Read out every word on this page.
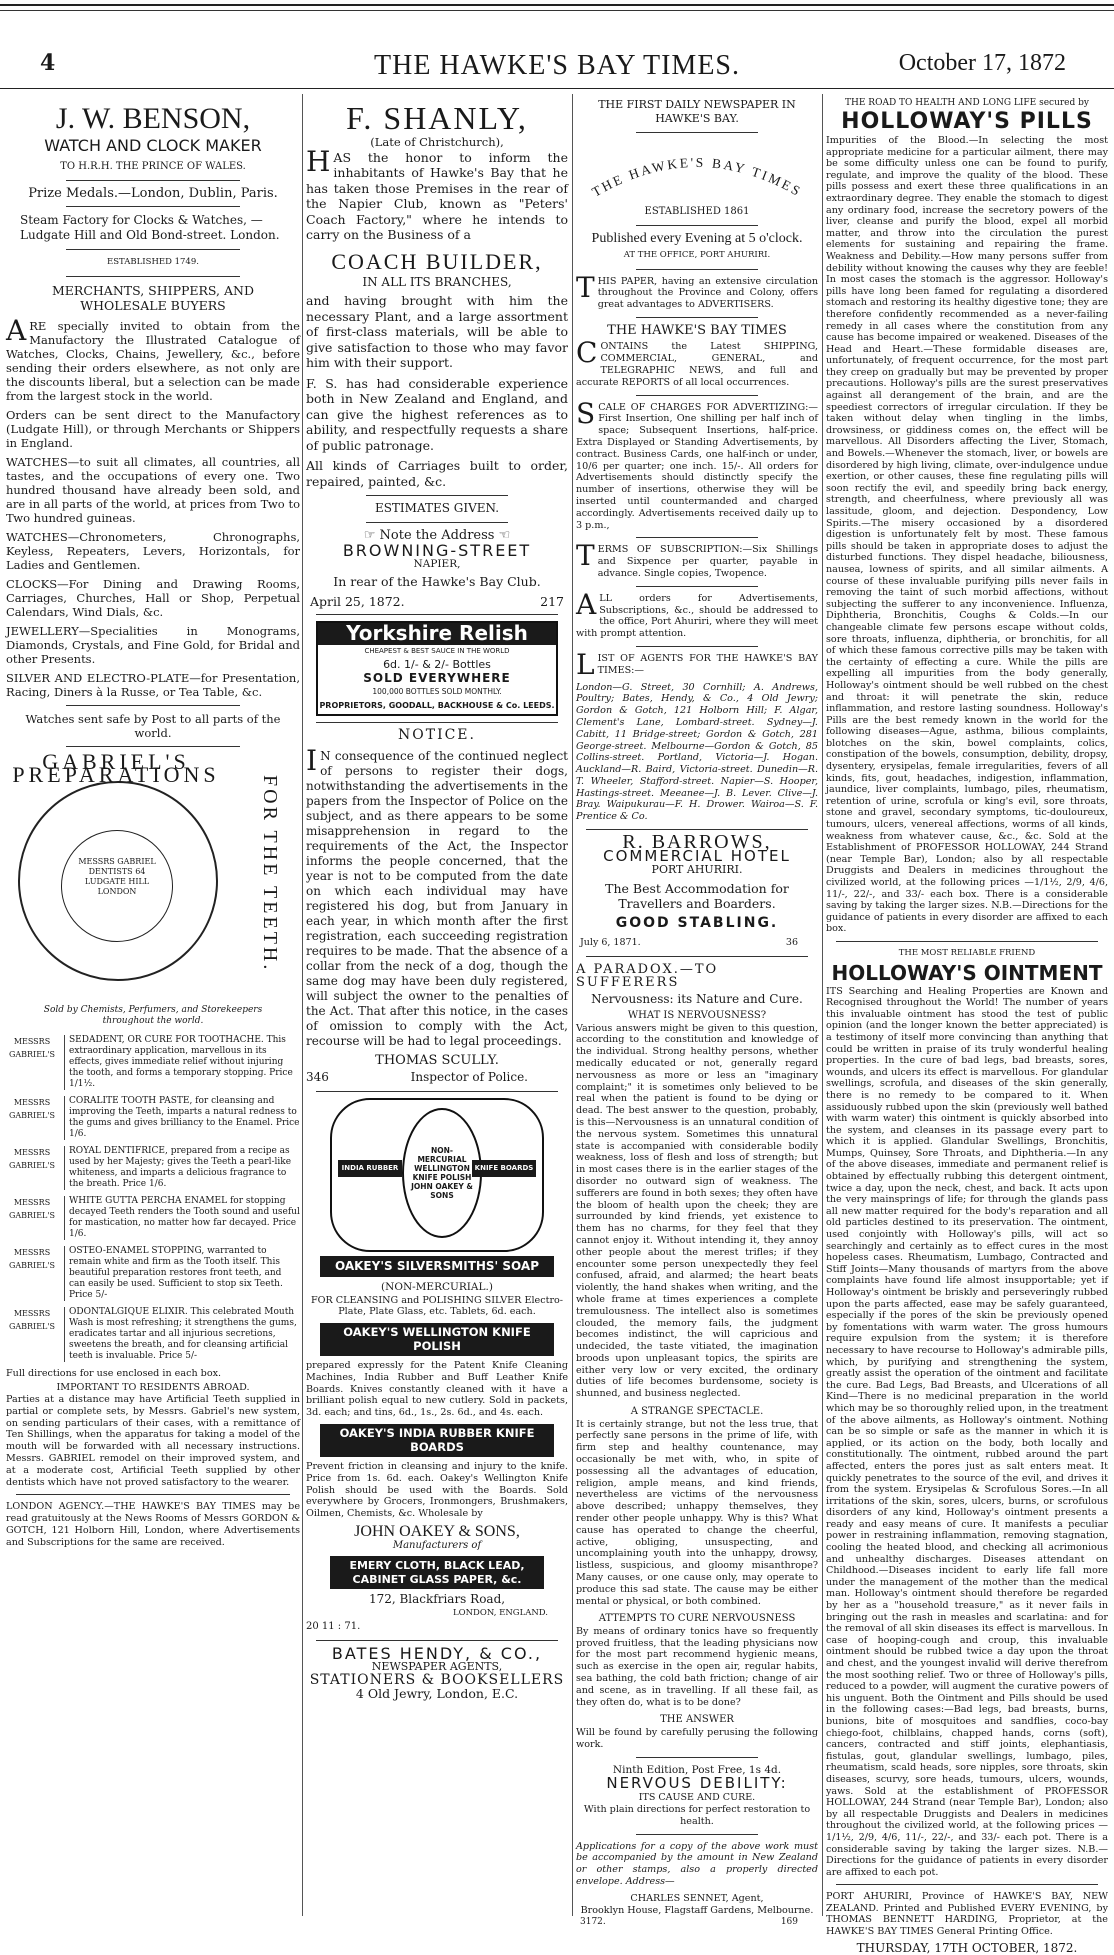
4	THE HAWKE'S BAY TIMES.	October 17, 1872
J. W. BENSON,
WATCH AND CLOCK MAKER
TO H.R.H. THE PRINCE OF WALES.
Prize Medals.—London, Dublin, Paris.
Steam Factory for Clocks & Watches, —Ludgate Hill and Old Bond-street. London.
ESTABLISHED 1749.
MERCHANTS, SHIPPERS, AND WHOLESALE BUYERS

ARE specially invited to obtain from the Manufactory the Illustrated Catalogue of Watches, Clocks, Chains, Jewellery, &c., before sending their orders elsewhere, as not only are the discounts liberal, but a selection can be made from the largest stock in the world.

Orders can be sent direct to the Manufactory (Ludgate Hill), or through Merchants or Shippers in England.

WATCHES—to suit all climates, all countries, all tastes, and the occupations of every one. Two hundred thousand have already been sold, and are in all parts of the world, at prices from Two to Two hundred guineas.

WATCHES—Chronometers, Chronographs, Keyless, Repeaters, Levers, Horizontals, for Ladies and Gentlemen.

CLOCKS—For Dining and Drawing Rooms, Carriages, Churches, Hall or Shop, Perpetual Calendars, Wind Dials, &c.

JEWELLERY—Specialities in Monograms, Diamonds, Crystals, and Fine Gold, for Bridal and other Presents.

SILVER AND ELECTRO-PLATE—for Presentation, Racing, Diners à la Russe, or Tea Table, &c.

Watches sent safe by Post to all parts of the world.
MESSRS GABRIEL DENTISTS 64 LUDGATE HILL LONDON
GABRIEL'S PREPARATIONS	FOR THE TEETH.
Sold by Chemists, Perfumers, and Storekeepers throughout the world.
MESSRS GABRIEL'S
SEDADENT, OR CURE FOR TOOTHACHE. This extraordinary application, marvellous in its effects, gives immediate relief without injuring the tooth, and forms a temporary stopping. Price 1/1½.
MESSRS GABRIEL'S
CORALITE TOOTH PASTE, for cleansing and improving the Teeth, imparts a natural redness to the gums and gives brilliancy to the Enamel. Price 1/6.
MESSRS GABRIEL'S
ROYAL DENTIFRICE, prepared from a recipe as used by her Majesty; gives the Teeth a pearl-like whiteness, and imparts a delicious fragrance to the breath. Price 1/6.
MESSRS GABRIEL'S
WHITE GUTTA PERCHA ENAMEL for stopping decayed Teeth renders the Tooth sound and useful for mastication, no matter how far decayed. Price 1/6.
MESSRS GABRIEL'S
OSTEO-ENAMEL STOPPING, warranted to remain white and firm as the Tooth itself. This beautiful preparation restores front teeth, and can easily be used. Sufficient to stop six Teeth. Price 5/-
MESSRS GABRIEL'S
ODONTALGIQUE ELIXIR. This celebrated Mouth Wash is most refreshing; it strengthens the gums, eradicates tartar and all injurious secretions, sweetens the breath, and for cleansing artificial teeth is invaluable. Price 5/-
Full directions for use enclosed in each box.
IMPORTANT TO RESIDENTS ABROAD.

Parties at a distance may have Artificial Teeth supplied in partial or complete sets, by Messrs. Gabriel's new system, on sending particulars of their cases, with a remittance of Ten Shillings, when the apparatus for taking a model of the mouth will be forwarded with all necessary instructions. Messrs. GABRIEL remodel on their improved system, and at a moderate cost, Artificial Teeth supplied by other dentists which have not proved satisfactory to the wearer.

LONDON AGENCY.—THE HAWKE'S BAY TIMES may be read gratuitously at the News Rooms of Messrs GORDON & GOTCH, 121 Holborn Hill, London, where Advertisements and Subscriptions for the same are received.

F. SHANLY,
(Late of Christchurch),

HAS the honor to inform the inhabitants of Hawke's Bay that he has taken those Premises in the rear of the Napier Club, known as "Peters' Coach Factory," where he intends to carry on the Business of a

COACH BUILDER,
IN ALL ITS BRANCHES,

and having brought with him the necessary Plant, and a large assortment of first-class materials, will be able to give satisfaction to those who may favor him with their support.

F. S. has had considerable experience both in New Zealand and England, and can give the highest references as to ability, and respectfully requests a share of public patronage.

All kinds of Carriages built to order, repaired, painted, &c.

ESTIMATES GIVEN.
☞ Note the Address ☜
BROWNING-STREET
NAPIER,
In rear of the Hawke's Bay Club.
April 25, 1872.	217
Yorkshire Relish
CHEAPEST & BEST SAUCE IN THE WORLD
6d. 1/- & 2/- Bottles
SOLD EVERYWHERE
100,000 BOTTLES SOLD MONTHLY.
PROPRIETORS, GOODALL, BACKHOUSE & Co. LEEDS.
NOTICE.

IN consequence of the continued neglect of persons to register their dogs, notwithstanding the advertisements in the papers from the Inspector of Police on the subject, and as there appears to be some misapprehension in regard to the requirements of the Act, the Inspector informs the people concerned, that the year is not to be computed from the date on which each individual may have registered his dog, but from January in each year, in which month after the first registration, each succeeding registration requires to be made. That the absence of a collar from the neck of a dog, though the same dog may have been duly registered, will subject the owner to the penalties of the Act. That after this notice, in the cases of omission to comply with the Act, recourse will be had to legal proceedings.

THOMAS SCULLY.
346	Inspector of Police.
NON-MERCURIAL WELLINGTON KNIFE POLISH JOHN OAKEY & SONS
INDIA RUBBER	KNIFE BOARDS
OAKEY'S SILVERSMITHS' SOAP
(NON-MERCURIAL.)

FOR CLEANSING and POLISHING SILVER Electro-Plate, Plate Glass, etc. Tablets, 6d. each.

OAKEY'S WELLINGTON KNIFE POLISH

prepared expressly for the Patent Knife Cleaning Machines, India Rubber and Buff Leather Knife Boards. Knives constantly cleaned with it have a brilliant polish equal to new cutlery. Sold in packets, 3d. each; and tins, 6d., 1s., 2s. 6d., and 4s. each.

OAKEY'S INDIA RUBBER KNIFE BOARDS

Prevent friction in cleansing and injury to the knife. Price from 1s. 6d. each. Oakey's Wellington Knife Polish should be used with the Boards. Sold everywhere by Grocers, Ironmongers, Brushmakers, Oilmen, Chemists, &c. Wholesale by

JOHN OAKEY & SONS,
Manufacturers of
EMERY CLOTH, BLACK LEAD, CABINET GLASS PAPER, &c.
172, Blackfriars Road,
LONDON, ENGLAND.
20 11 : 71.
BATES HENDY, & CO.,
NEWSPAPER AGENTS,
STATIONERS & BOOKSELLERS
4 Old Jewry, London, E.C.
THE FIRST DAILY NEWSPAPER IN HAWKE'S BAY.
THE HAWKE'S BAY TIMES
ESTABLISHED 1861
Published every Evening at 5 o'clock.
AT THE OFFICE, PORT AHURIRI.

THIS PAPER, having an extensive circulation throughout the Province and Colony, offers great advantages to ADVERTISERS.

THE HAWKE'S BAY TIMES

CONTAINS the Latest SHIPPING, COMMERCIAL, GENERAL, and TELEGRAPHIC NEWS, and full and accurate REPORTS of all local occurrences.

SCALE OF CHARGES FOR ADVERTIZING:— First Insertion, One shilling per half inch of space; Subsequent Insertions, half-price. Extra Displayed or Standing Advertisements, by contract. Business Cards, one half-inch or under, 10/6 per quarter; one inch. 15/-. All orders for Advertisements should distinctly specify the number of insertions, otherwise they will be inserted until countermanded and charged accordingly. Advertisements received daily up to 3 p.m.,

TERMS OF SUBSCRIPTION:—Six Shillings and Sixpence per quarter, payable in advance. Single copies, Twopence.

ALL orders for Advertisements, Subscriptions, &c., should be addressed to the office, Port Ahuriri, where they will meet with prompt attention.

LIST OF AGENTS FOR THE HAWKE'S BAY TIMES:—

London—G. Street, 30 Cornhill; A. Andrews, Poultry; Bates, Hendy, & Co., 4 Old Jewry; Gordon & Gotch, 121 Holborn Hill; F. Algar, Clement's Lane, Lombard-street. Sydney—J. Cabitt, 11 Bridge-street; Gordon & Gotch, 281 George-street. Melbourne—Gordon & Gotch, 85 Collins-street. Portland, Victoria—J. Hogan. Auckland—R. Baird, Victoria-street. Dunedin—R. T. Wheeler, Stafford-street. Napier—S. Hooper, Hastings-street. Meeanee—J. B. Lever. Clive—J. Bray. Waipukurau—F. H. Drower. Wairoa—S. F. Prentice & Co.

R. BARROWS,
COMMERCIAL HOTEL
PORT AHURIRI.
The Best Accommodation for Travellers and Boarders.
GOOD STABLING.
July 6, 1871.	36
A PARADOX.—TO SUFFERERS
Nervousness: its Nature and Cure.
WHAT IS NERVOUSNESS?

Various answers might be given to this question, according to the constitution and knowledge of the individual. Strong healthy persons, whether medically educated or not, generally regard nervousness as more or less an "imaginary complaint;" it is sometimes only believed to be real when the patient is found to be dying or dead. The best answer to the question, probably, is this—Nervousness is an unnatural condition of the nervous system. Sometimes this unnatural state is accompanied with considerable bodily weakness, loss of flesh and loss of strength; but in most cases there is in the earlier stages of the disorder no outward sign of weakness. The sufferers are found in both sexes; they often have the bloom of health upon the cheek; they are surrounded by kind friends, yet existence to them has no charms, for they feel that they cannot enjoy it. Without intending it, they annoy other people about the merest trifles; if they encounter some person unexpectedly they feel confused, afraid, and alarmed; the heart beats violently, the hand shakes when writing, and the whole frame at times experiences a complete tremulousness. The intellect also is sometimes clouded, the memory fails, the judgment becomes indistinct, the will capricious and undecided, the taste vitiated, the imagination broods upon unpleasant topics, the spirits are either very low or very excited, the ordinary duties of life becomes burdensome, society is shunned, and business neglected.

A STRANGE SPECTACLE.

It is certainly strange, but not the less true, that perfectly sane persons in the prime of life, with firm step and healthy countenance, may occasionally be met with, who, in spite of possessing all the advantages of education, religion, ample means, and kind friends, nevertheless are victims of the nervousness above described; unhappy themselves, they render other people unhappy. Why is this? What cause has operated to change the cheerful, active, obliging, unsuspecting, and uncomplaining youth into the unhappy, drowsy, listless, suspicious, and gloomy misanthrope? Many causes, or one cause only, may operate to produce this sad state. The cause may be either mental or physical, or both combined.

ATTEMPTS TO CURE NERVOUSNESS

By means of ordinary tonics have so frequently proved fruitless, that the leading physicians now for the most part recommend hygienic means, such as exercise in the open air, regular habits, sea bathing, the cold bath friction; change of air and scene, as in travelling. If all these fail, as they often do, what is to be done?

THE ANSWER

Will be found by carefully perusing the following work.

Ninth Edition, Post Free, 1s 4d.
NERVOUS DEBILITY:
ITS CAUSE AND CURE.
With plain directions for perfect restoration to health.

Applications for a copy of the above work must be accompanied by the amount in New Zealand or other stamps, also a properly directed envelope. Address—

CHARLES SENNET, Agent,
Brooklyn House, Flagstaff Gardens, Melbourne.
3172.	169
THE ROAD TO HEALTH AND LONG LIFE secured by
HOLLOWAY'S PILLS

Impurities of the Blood.—In selecting the most appropriate medicine for a particular ailment, there may be some difficulty unless one can be found to purify, regulate, and improve the quality of the blood. These pills possess and exert these three qualifications in an extraordinary degree. They enable the stomach to digest any ordinary food, increase the secretory powers of the liver, cleanse and purify the blood, expel all morbid matter, and throw into the circulation the purest elements for sustaining and repairing the frame. Weakness and Debility.—How many persons suffer from debility without knowing the causes why they are feeble! In most cases the stomach is the aggressor. Holloway's pills have long been famed for regulating a disordered stomach and restoring its healthy digestive tone; they are therefore confidently recommended as a never-failing remedy in all cases where the constitution from any cause has become impaired or weakened. Diseases of the Head and Heart.—These formidable diseases are, unfortunately, of frequent occurrence, for the most part they creep on gradually but may be prevented by proper precautions. Holloway's pills are the surest preservatives against all derangement of the brain, and are the speediest correctors of irregular circulation. If they be taken without delay when tingling in the limbs, drowsiness, or giddiness comes on, the effect will be marvellous. All Disorders affecting the Liver, Stomach, and Bowels.—Whenever the stomach, liver, or bowels are disordered by high living, climate, over-indulgence undue exertion, or other causes, these fine regulating pills will soon rectify the evil, and speedily bring back energy, strength, and cheerfulness, where previously all was lassitude, gloom, and dejection. Despondency, Low Spirits.—The misery occasioned by a disordered digestion is unfortunately felt by most. These famous pills should be taken in appropriate doses to adjust the disturbed functions. They dispel headache, biliousness, nausea, lowness of spirits, and all similar ailments. A course of these invaluable purifying pills never fails in removing the taint of such morbid affections, without subjecting the sufferer to any inconvenience. Influenza, Diphtheria, Bronchitis, Coughs & Colds.—In our changeable climate few persons escape without colds, sore throats, influenza, diphtheria, or bronchitis, for all of which these famous corrective pills may be taken with the certainty of effecting a cure. While the pills are expelling all impurities from the body generally, Holloway's ointment should be well rubbed on the chest and throat: it will penetrate the skin, reduce inflammation, and restore lasting soundness. Holloway's Pills are the best remedy known in the world for the following diseases—Ague, asthma, bilious complaints, blotches on the skin, bowel complaints, colics, constipation of the bowels, consumption, debility, dropsy, dysentery, erysipelas, female irregularities, fevers of all kinds, fits, gout, headaches, indigestion, inflammation, jaundice, liver complaints, lumbago, piles, rheumatism, retention of urine, scrofula or king's evil, sore throats, stone and gravel, secondary symptoms, tic-douloureux, tumours, ulcers, venereal affections, worms of all kinds, weakness from whatever cause, &c., &c. Sold at the Establishment of PROFESSOR HOLLOWAY, 244 Strand (near Temple Bar), London; also by all respectable Druggists and Dealers in medicines throughout the civilized world, at the following prices —1/1½, 2/9, 4/6, 11/-, 22/-, and 33/- each box. There is a considerable saving by taking the larger sizes. N.B.—Directions for the guidance of patients in every disorder are affixed to each box.

THE MOST RELIABLE FRIEND
HOLLOWAY'S OINTMENT

ITS Searching and Healing Properties are Known and Recognised throughout the World! The number of years this invaluable ointment has stood the test of public opinion (and the longer known the better appreciated) is a testimony of itself more convincing than anything that could be written in praise of its truly wonderful healing properties. In the cure of bad legs, bad breasts, sores, wounds, and ulcers its effect is marvellous. For glandular swellings, scrofula, and diseases of the skin generally, there is no remedy to be compared to it. When assiduously rubbed upon the skin (previously well bathed with warm water) this ointment is quickly absorbed into the system, and cleanses in its passage every part to which it is applied. Glandular Swellings, Bronchitis, Mumps, Quinsey, Sore Throats, and Diphtheria.—In any of the above diseases, immediate and permanent relief is obtained by effectually rubbing this detergent ointment, twice a day, upon the neck, chest, and back. It acts upon the very mainsprings of life; for through the glands pass all new matter required for the body's reparation and all old particles destined to its preservation. The ointment, used conjointly with Holloway's pills, will act so searchingly and certainly as to effect cures in the most hopeless cases. Rheumatism, Lumbago, Contracted and Stiff Joints—Many thousands of martyrs from the above complaints have found life almost insupportable; yet if Holloway's ointment be briskly and perseveringly rubbed upon the parts affected, ease may be safely guaranteed, especially if the pores of the skin be previously opened by fomentations with warm water. The gross humours require expulsion from the system; it is therefore necessary to have recourse to Holloway's admirable pills, which, by purifying and strengthening the system, greatly assist the operation of the ointment and facilitate the cure. Bad Legs, Bad Breasts, and Ulcerations of all Kind—There is no medicinal preparation in the world which may be so thoroughly relied upon, in the treatment of the above ailments, as Holloway's ointment. Nothing can be so simple or safe as the manner in which it is applied, or its action on the body, both locally and constitutionally. The ointment, rubbed around the part affected, enters the pores just as salt enters meat. It quickly penetrates to the source of the evil, and drives it from the system. Erysipelas & Scrofulous Sores.—In all irritations of the skin, sores, ulcers, burns, or scrofulous disorders of any kind, Holloway's ointment presents a ready and easy means of cure. It manifests a peculiar power in restraining inflammation, removing stagnation, cooling the heated blood, and checking all acrimonious and unhealthy discharges. Diseases attendant on Childhood.—Diseases incident to early life fall more under the management of the mother than the medical man. Holloway's ointment should therefore be regarded by her as a "household treasure," as it never fails in bringing out the rash in measles and scarlatina: and for the removal of all skin diseases its effect is marvellous. In case of hooping-cough and croup, this invaluable ointment should be rubbed twice a day upon the throat and chest, and the youngest invalid will derive therefrom the most soothing relief. Two or three of Holloway's pills, reduced to a powder, will augment the curative powers of his unguent. Both the Ointment and Pills should be used in the following cases:—Bad legs, bad breasts, burns, bunions, bite of mosquitoes and sandflies, coco-bay chiego-foot, chilblains, chapped hands, corns (soft), cancers, contracted and stiff joints, elephantiasis, fistulas, gout, glandular swellings, lumbago, piles, rheumatism, scald heads, sore nipples, sore throats, skin diseases, scurvy, sore heads, tumours, ulcers, wounds, yaws. Sold at the establishment of PROFESSOR HOLLOWAY, 244 Strand (near Temple Bar), London; also by all respectable Druggists and Dealers in medicines throughout the civilized world, at the following prices —1/1½, 2/9, 4/6, 11/-, 22/-, and 33/- each pot. There is a considerable saving by taking the larger sizes. N.B.—Directions for the guidance of patients in every disorder are affixed to each pot.

PORT AHURIRI, Province of HAWKE'S BAY, NEW ZEALAND. Printed and Published EVERY EVENING, by THOMAS BENNETT HARDING, Proprietor, at the HAWKE'S BAY TIMES General Printing Office.

THURSDAY, 17TH OCTOBER, 1872.
